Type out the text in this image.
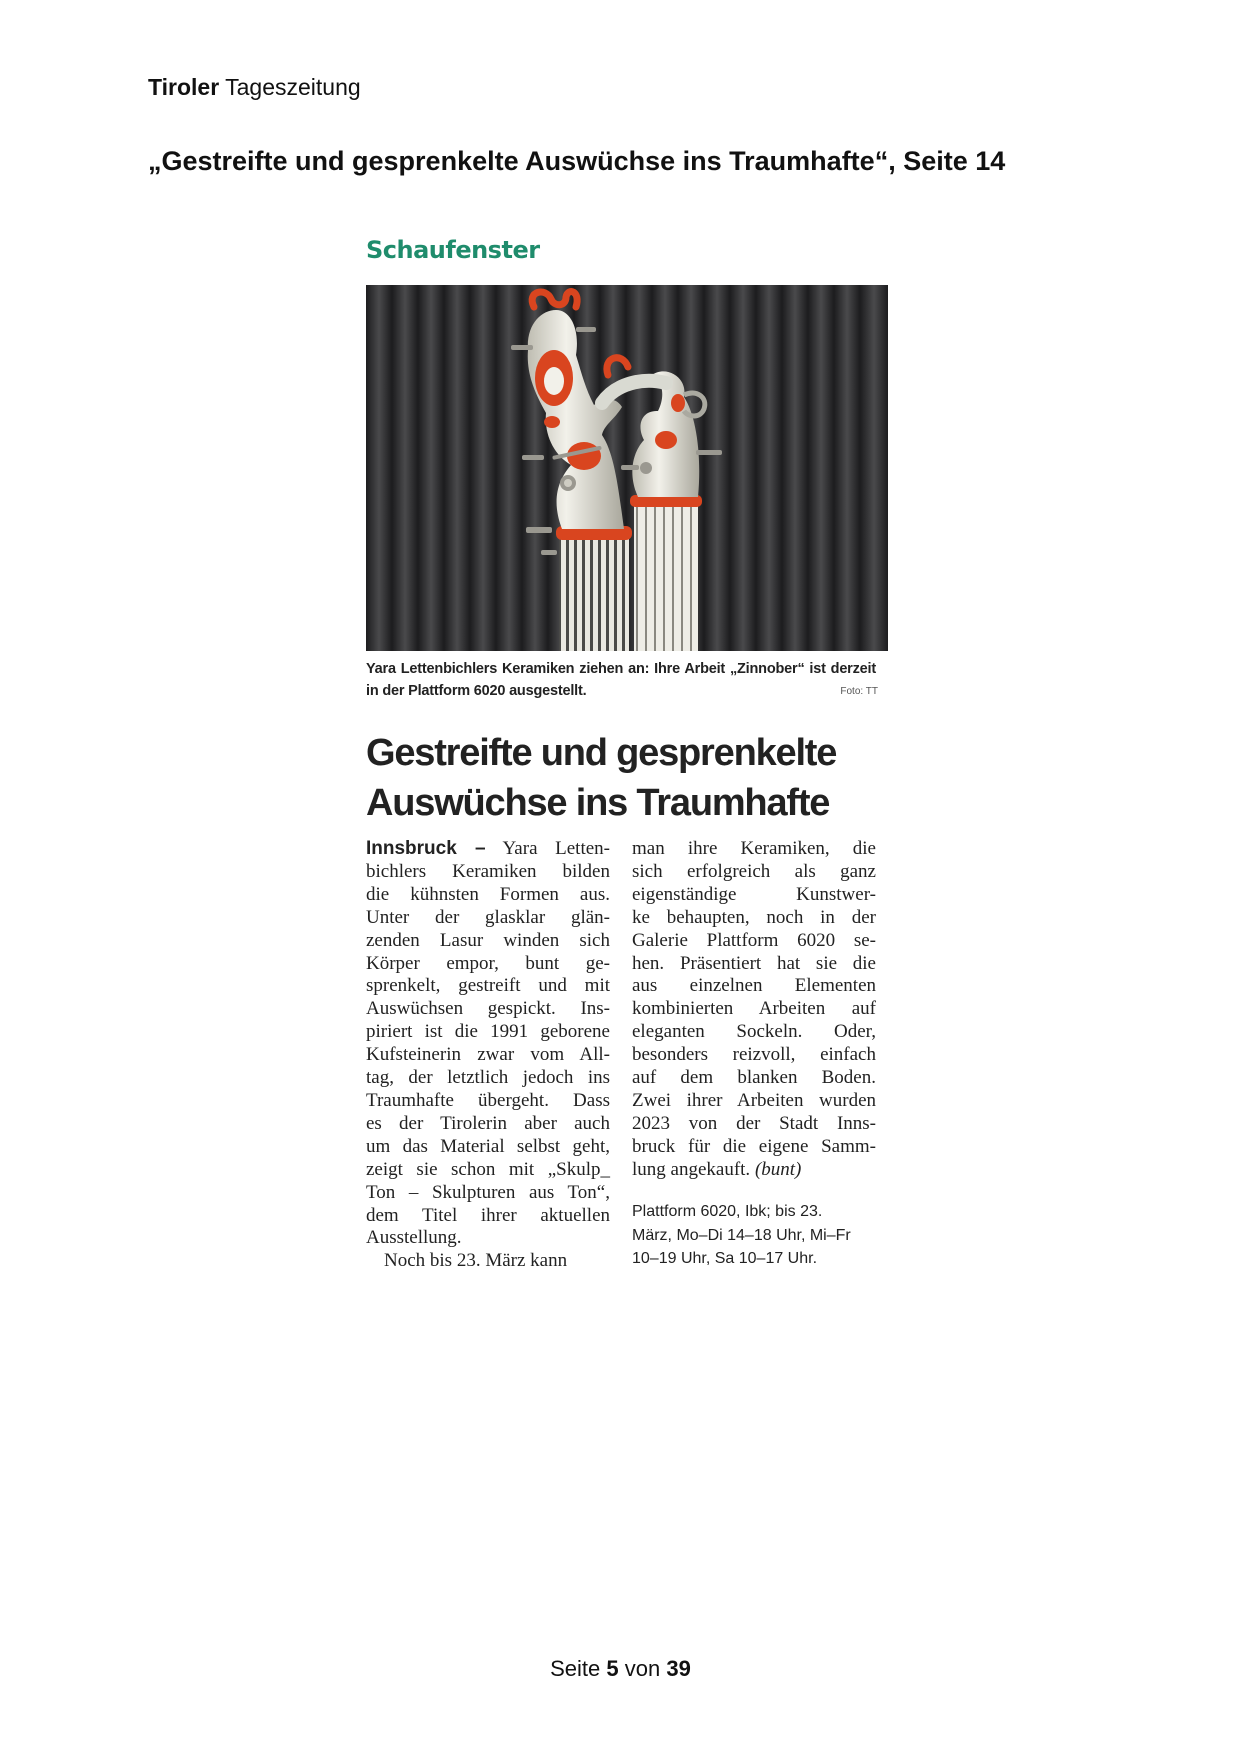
Tiroler Tageszeitung
„Gestreifte und gesprenkelte Auswüchse ins Traumhafte“, Seite 14
Schaufenster
Yara Lettenbichlers Keramiken ziehen an: Ihre Arbeit „Zinnober“ ist derzeit in der Plattform 6020 ausgestellt.	Foto: TT
Gestreifte und gesprenkelte
Auswüchse ins Traumhafte
Innsbruck – Yara Letten-
bichlers Keramiken bilden
die kühnsten Formen aus.
Unter der glasklar glän-
zenden Lasur winden sich
Körper empor, bunt ge-
sprenkelt, gestreift und mit
Auswüchsen gespickt. Ins-
piriert ist die 1991 geborene
Kufsteinerin zwar vom All-
tag, der letztlich jedoch ins
Traumhafte übergeht. Dass
es der Tirolerin aber auch
um das Material selbst geht,
zeigt sie schon mit „Skulp_
Ton – Skulpturen aus Ton“,
dem Titel ihrer aktuellen
Ausstellung.
Noch bis 23. März kann
man ihre Keramiken, die
sich erfolgreich als ganz
eigenständige Kunstwer-
ke behaupten, noch in der
Galerie Plattform 6020 se-
hen. Präsentiert hat sie die
aus einzelnen Elementen
kombinierten Arbeiten auf
eleganten Sockeln. Oder,
besonders reizvoll, einfach
auf dem blanken Boden.
Zwei ihrer Arbeiten wurden
2023 von der Stadt Inns-
bruck für die eigene Samm-
lung angekauft. (bunt)
Plattform 6020, Ibk; bis 23.
März, Mo–Di 14–18 Uhr, Mi–Fr
10–19 Uhr, Sa 10–17 Uhr.
Seite 5 von 39
